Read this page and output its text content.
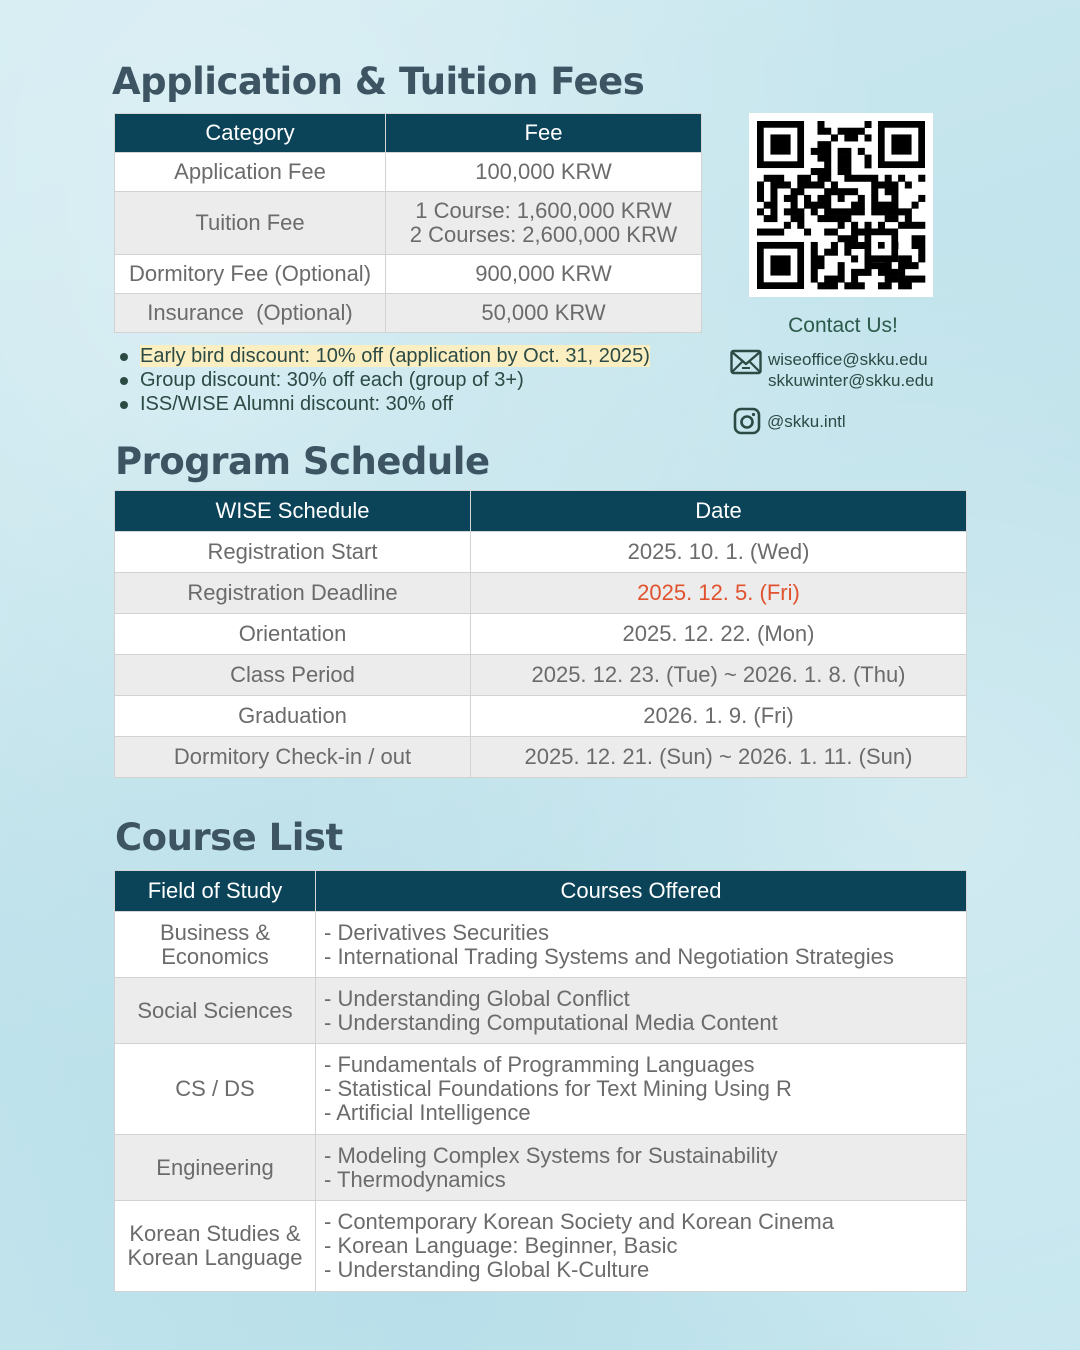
Application & Tuition Fees
Category	Fee
Application Fee	100,000 KRW
Tuition Fee	1 Course: 1,600,000 KRW
2 Courses: 2,600,000 KRW

Dormitory Fee (Optional)	900,000 KRW
Insurance  (Optional)	50,000 KRW
Early bird discount: 10% off (application by Oct. 31, 2025)
Group discount: 30% off each (group of 3+)
ISS/WISE Alumni discount: 30% off

Contact Us!

wiseoffice@skku.edu
skkuwinter@skku.edu
@skku.intl
Program Schedule
WISE Schedule	Date
Registration Start	2025. 10. 1. (Wed)
Registration Deadline	2025. 12. 5. (Fri)
Orientation	2025. 12. 22. (Mon)
Class Period	2025. 12. 23. (Tue) ~ 2026. 1. 8. (Thu)
Graduation	2026. 1. 9. (Fri)
Dormitory Check-in / out	2025. 12. 21. (Sun) ~ 2026. 1. 11. (Sun)
Course List
Field of Study	Courses Offered

Business &
Economics	- Derivatives Securities
- International Trading Systems and Negotiation Strategies

Social Sciences	- Understanding Global Conflict
- Understanding Computational Media Content

CS / DS	- Fundamentals of Programming Languages
- Statistical Foundations for Text Mining Using R
- Artificial Intelligence

Engineering	- Modeling Complex Systems for Sustainability
- Thermodynamics

Korean Studies &
Korean Language	- Contemporary Korean Society and Korean Cinema
- Korean Language: Beginner, Basic
- Understanding Global K-Culture
